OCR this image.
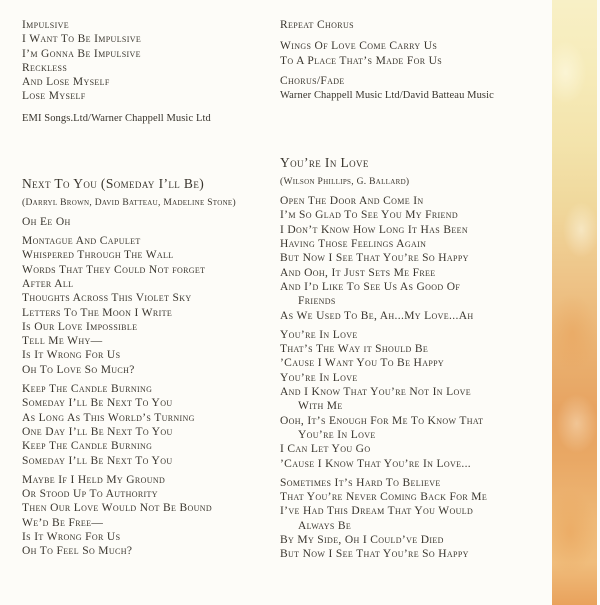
Impulsive
I Want To Be Impulsive
I’m Gonna Be Impulsive
Reckless
And Lose Myself
Lose Myself
EMI Songs.Ltd/Warner Chappell Music Ltd
Next To You (Someday I’ll Be)
(Darryl Brown, David Batteau, Madeline Stone)
Oh Ee Oh
Montague And Capulet
Whispered Through The Wall
Words That They Could Not forget
After All
Thoughts Across This Violet Sky
Letters To The Moon I Write
Is Our Love Impossible
Tell Me Why—
Is It Wrong For Us
Oh To Love So Much?
Keep The Candle Burning
Someday I’ll Be Next To You
As Long As This World’s Turning
One Day I’ll Be Next To You
Keep The Candle Burning
Someday I’ll Be Next To You
Maybe If I Held My Ground
Or Stood Up To Authority
Then Our Love Would Not Be Bound
We’d Be Free—
Is It Wrong For Us
Oh To Feel So Much?
Repeat Chorus
Wings Of Love Come Carry Us
To A Place That’s Made For Us
Chorus/Fade
Warner Chappell Music Ltd/David Batteau Music
You’re In Love
(Wilson Phillips, G. Ballard)
Open The Door And Come In
I’m So Glad To See You My Friend
I Don’t Know How Long It Has Been
Having Those Feelings Again
But Now I See That You’re So Happy
And Ooh, It Just Sets Me Free
And I’d Like To See Us As Good Of
Friends
As We Used To Be, Ah...My Love...Ah
You’re In Love
That’s The Way it Should Be
’Cause I Want You To Be Happy
You’re In Love
And I Know That You’re Not In Love
With Me
Ooh, It’s Enough For Me To Know That
You’re In Love
I Can Let You Go
’Cause I Know That You’re In Love...
Sometimes It’s Hard To Believe
That You’re Never Coming Back For Me
I’ve Had This Dream That You Would
Always Be
By My Side, Oh I Could’ve Died
But Now I See That You’re So Happy
